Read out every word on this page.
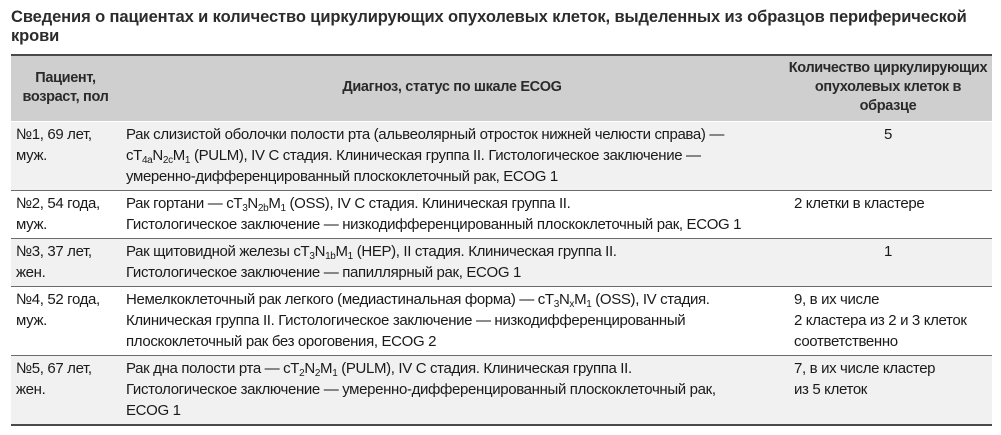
Сведения о пациентах и количество циркулирующих опухолевых клеток, выделенных из образцов периферической крови
Пациент, возраст, пол	Диагноз, статус по шкале ECOG	Количество циркулирующих опухолевых клеток в образце

№1, 69 лет,
муж.	Рак слизистой оболочки полости рта (альвеолярный отросток нижней челюсти справа) —
$cT_{4a}N_{2c}M_1$ (PULM), IV С стадия. Клиническая группа II. Гистологическое заключение —
умеренно-дифференцированный плоскоклеточный рак, ECOG 1	5

№2, 54 года,
муж.	Рак гортани — $cT_3N_{2b}M_1$ (OSS), IV С стадия. Клиническая группа II.
Гистологическое заключение — низкодифференцированный плоскоклеточный рак, ECOG 1	2 клетки в кластере

№3, 37 лет,
жен.	Рак щитовидной железы $cT_3N_{1b}M_1$ (HEP), II стадия. Клиническая группа II.
Гистологическое заключение — папиллярный рак, ECOG 1	1

№4, 52 года,
муж.	Немелкоклеточный рак легкого (медиастинальная форма) — $cT_3N_xM_1$ (OSS), IV стадия.
Клиническая группа II. Гистологическое заключение — низкодифференцированный
плоскоклеточный рак без ороговения, ECOG 2	9, в их числе
2 кластера из 2 и 3 клеток
соответственно

№5, 67 лет,
жен.	Рак дна полости рта — $cT_2N_2M_1$ (PULM), IV С стадия. Клиническая группа II.
Гистологическое заключение — умеренно-дифференцированный плоскоклеточный рак,
ECOG 1	7, в их числе кластер
из 5 клеток
